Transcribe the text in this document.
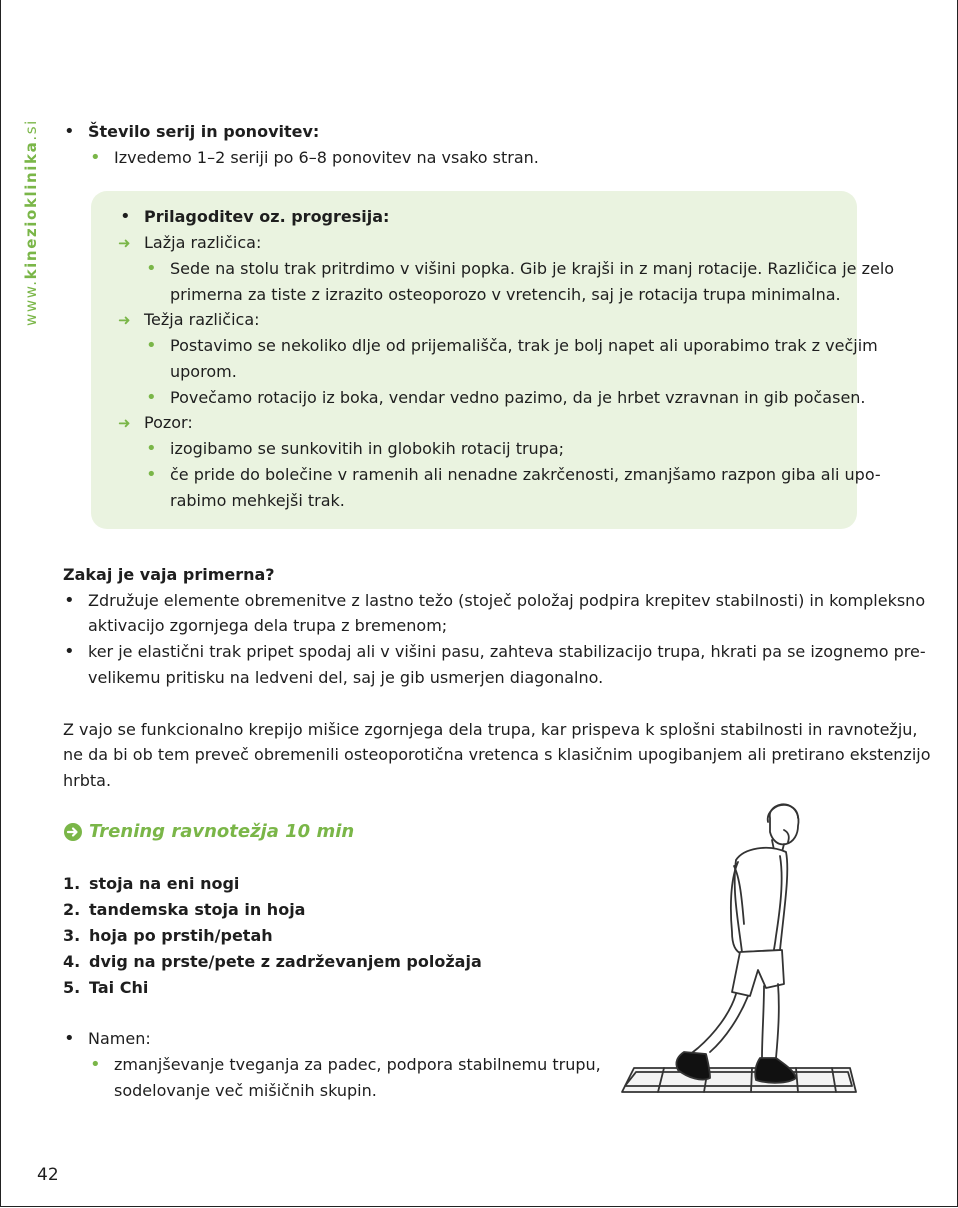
www.kinezioklinika.si • Število serij in ponovitev:
• Izvedemo 1–2 seriji po 6–8 ponovitev na vsako stran.
• Prilagoditev oz. progresija:
➜ Lažja različica:
• Sede na stolu trak pritrdimo v višini popka. Gib je krajši in z manj rotacije. Različica je zelo
primerna za tiste z izrazito osteoporozo v vretencih, saj je rotacija trupa minimalna.
➜ Težja različica:
• Postavimo se nekoliko dlje od prijemališča, trak je bolj napet ali uporabimo trak z večjim
uporom.
• Povečamo rotacijo iz boka, vendar vedno pazimo, da je hrbet vzravnan in gib počasen.
➜ Pozor:
• izogibamo se sunkovitih in globokih rotacij trupa;
• če pride do bolečine v ramenih ali nenadne zakrčenosti, zmanjšamo razpon giba ali upo-
rabimo mehkejši trak.
Zakaj je vaja primerna?
• Združuje elemente obremenitve z lastno težo (stoječ položaj podpira krepitev stabilnosti) in kompleksno
aktivacijo zgornjega dela trupa z bremenom;
• ker je elastični trak pripet spodaj ali v višini pasu, zahteva stabilizacijo trupa, hkrati pa se izognemo pre-
velikemu pritisku na ledveni del, saj je gib usmerjen diagonalno.
Z vajo se funkcionalno krepijo mišice zgornjega dela trupa, kar prispeva k splošni stabilnosti in ravnotežju,
ne da bi ob tem preveč obremenili osteoporotična vretenca s klasičnim upogibanjem ali pretirano ekstenzijo
hrbta.
Trening ravnotežja 10 min
1. stoja na eni nogi
2. tandemska stoja in hoja
3. hoja po prstih/petah
4. dvig na prste/pete z zadrževanjem položaja
5. Tai Chi
• Namen:
• zmanjševanje tveganja za padec, podpora stabilnemu trupu,
sodelovanje več mišičnih skupin.
42
